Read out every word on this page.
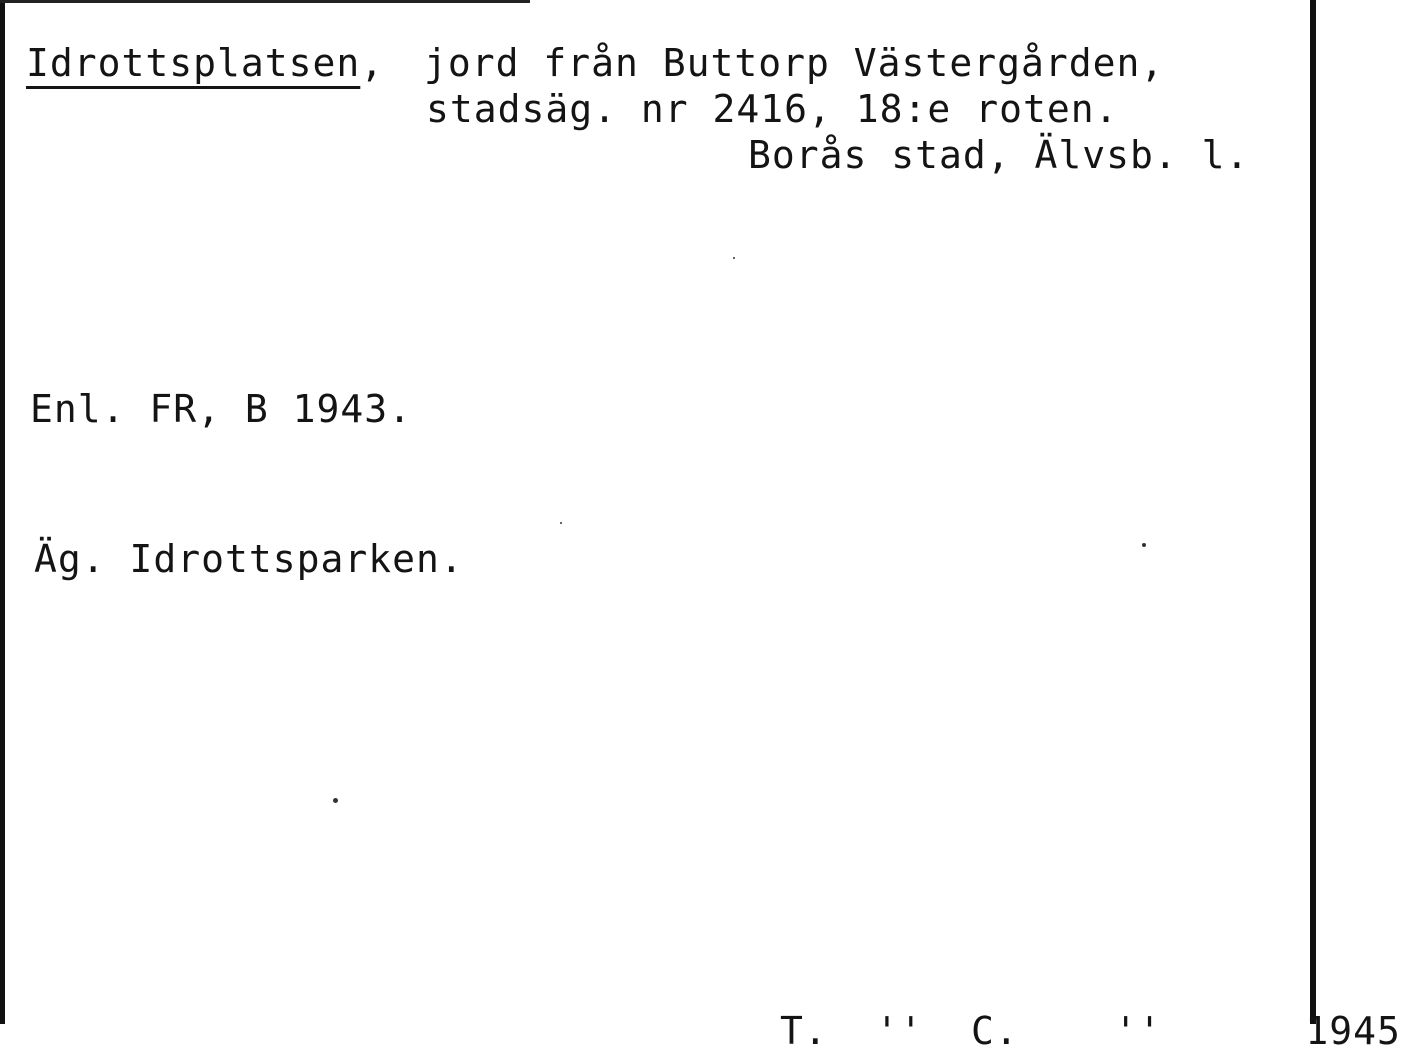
Idrottsplatsen, jord från Buttorp Västergården,
stadsäg. nr 2416, 18:e roten.
Borås stad, Älvsb. l.
Enl. FR, B 1943.
Äg. Idrottsparken.
T.  ''  C.    ''      1945
